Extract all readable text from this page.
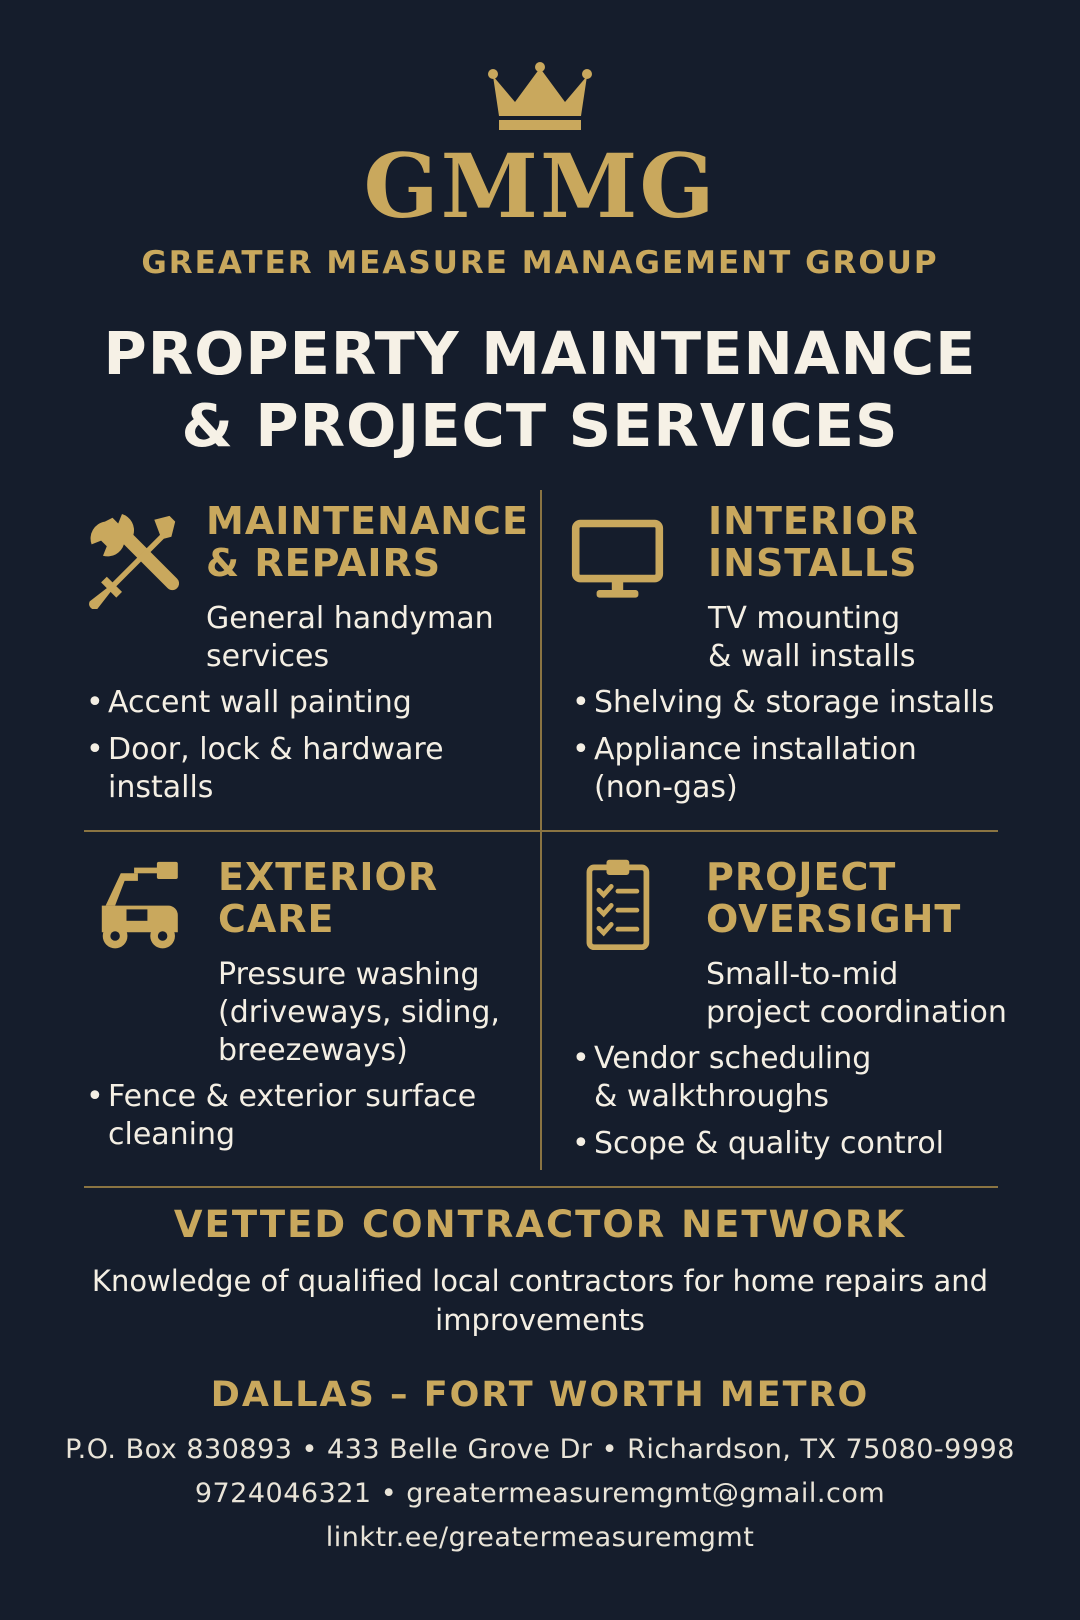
GMMG
GREATER MEASURE MANAGEMENT GROUP
PROPERTY MAINTENANCE
& PROJECT SERVICES
MAINTENANCE
& REPAIRS
General handyman
services
• Accent wall painting
• Door, lock & hardware
installs
INTERIOR
INSTALLS
TV mounting
& wall installs
• Shelving & storage installs
• Appliance installation
(non-gas)
EXTERIOR
CARE
Pressure washing
(driveways, siding,
breezeways)
• Fence & exterior surface
cleaning
PROJECT
OVERSIGHT
Small-to-mid
project coordination
• Vendor scheduling
& walkthroughs
• Scope & quality control
VETTED CONTRACTOR NETWORK
Knowledge of qualified local contractors for home repairs and improvements
DALLAS – FORT WORTH METRO
P.O. Box 830893 • 433 Belle Grove Dr • Richardson, TX 75080-9998
9724046321 • greatermeasuremgmt@gmail.com
linktr.ee/greatermeasuremgmt
